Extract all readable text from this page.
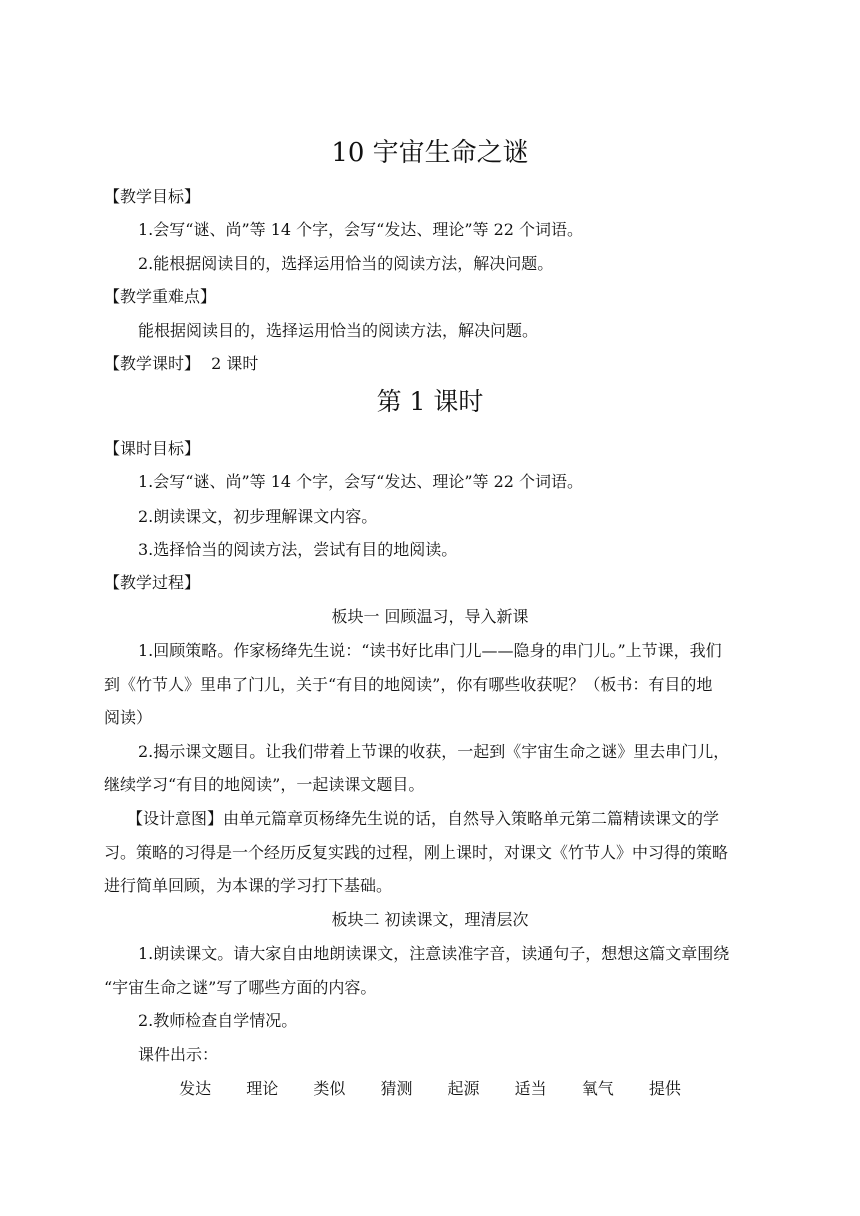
10 宇宙生命之谜
【教学目标】
1.会写“谜、尚”等 14 个字，会写“发达、理论”等 22 个词语。
2.能根据阅读目的，选择运用恰当的阅读方法，解决问题。
【教学重难点】
能根据阅读目的，选择运用恰当的阅读方法，解决问题。
【教学课时】 2 课时
第 1 课时
【课时目标】
1.会写“谜、尚”等 14 个字，会写“发达、理论”等 22 个词语。
2.朗读课文，初步理解课文内容。
3.选择恰当的阅读方法，尝试有目的地阅读。
【教学过程】
板块一 回顾温习，导入新课
1.回顾策略。作家杨绛先生说：“读书好比串门儿——隐身的串门儿。”上节课，我们
到《竹节人》里串了门儿，关于“有目的地阅读”，你有哪些收获呢？（板书：有目的地
阅读）
2.揭示课文题目。让我们带着上节课的收获，一起到《宇宙生命之谜》里去串门儿，
继续学习“有目的地阅读”，一起读课文题目。
【设计意图】由单元篇章页杨绛先生说的话，自然导入策略单元第二篇精读课文的学
习。策略的习得是一个经历反复实践的过程，刚上课时，对课文《竹节人》中习得的策略
进行简单回顾，为本课的学习打下基础。
板块二 初读课文，理清层次
1.朗读课文。请大家自由地朗读课文，注意读准字音，读通句子，想想这篇文章围绕
“宇宙生命之谜”写了哪些方面的内容。
2.教师检查自学情况。
课件出示：
发达 理论 类似 猜测 起源 适当 氧气 提供
